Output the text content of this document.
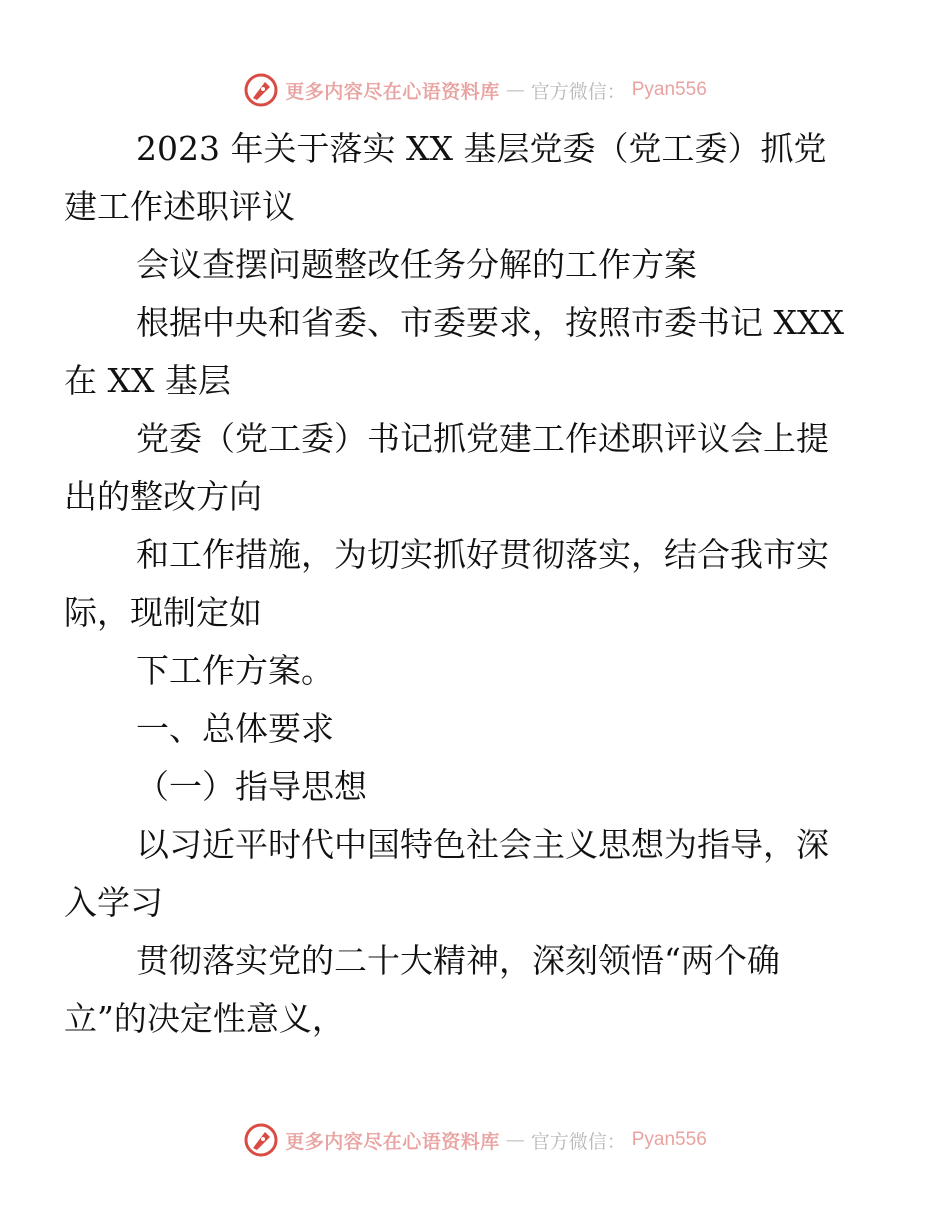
更多内容尽在心语资料库 — 官方微信： Pyan556

2023 年关于落实 XX 基层党委（党工委）抓党
建工作述职评议

会议查摆问题整改任务分解的工作方案

根据中央和省委、市委要求，按照市委书记 XXX
在 XX 基层

党委（党工委）书记抓党建工作述职评议会上提
出的整改方向

和工作措施，为切实抓好贯彻落实，结合我市实
际，现制定如

下工作方案。

一、总体要求

（一）指导思想

以习近平时代中国特色社会主义思想为指导，深
入学习

贯彻落实党的二十大精神，深刻领悟“两个确
立”的决定性意义，

更多内容尽在心语资料库 — 官方微信： Pyan556
